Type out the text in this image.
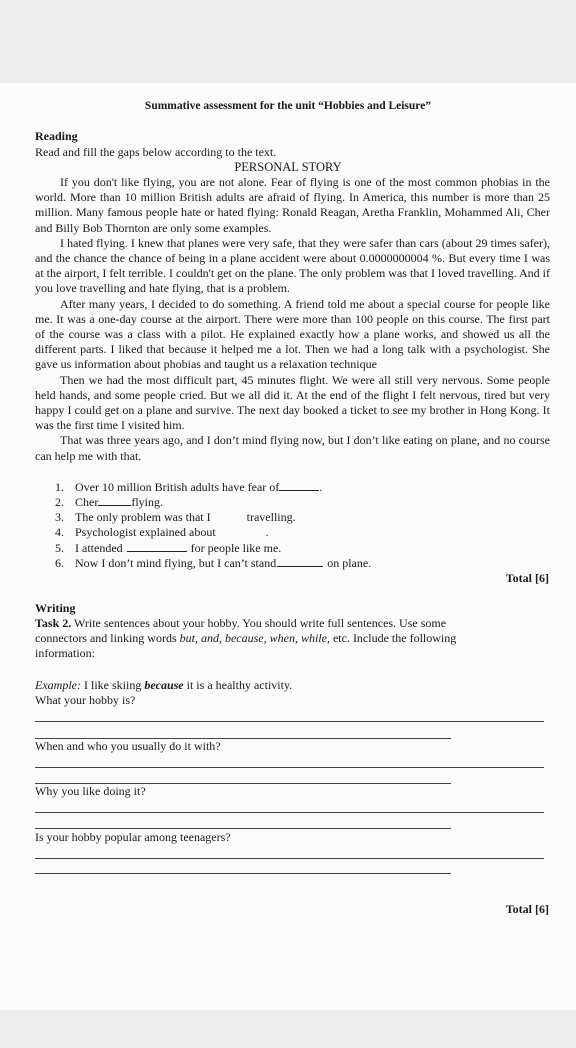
Summative assessment for the unit “Hobbies and Leisure”
Reading
Read and fill the gaps below according to the text.
PERSONAL STORY

If you don't like flying, you are not alone. Fear of flying is one of the most common phobias in the world. More than 10 million British adults are afraid of flying. In America, this number is more than 25 million. Many famous people hate or hated flying: Ronald Reagan, Aretha Franklin, Mohammed Ali, Cher and Billy Bob Thornton are only some examples.

I hated flying. I knew that planes were very safe, that they were safer than cars (about 29 times safer), and the chance the chance of being in a plane accident were about 0.0000000004 %. But every time I was at the airport, I felt terrible. I couldn't get on the plane. The only problem was that I loved travelling. And if you love travelling and hate flying, that is a problem.

After many years, I decided to do something. A friend told me about a special course for people like me. It was a one-day course at the airport. There were more than 100 people on this course. The first part of the course was a class with a pilot. He explained exactly how a plane works, and showed us all the different parts. I liked that because it helped me a lot. Then we had a long talk with a psychologist. She gave us information about phobias and taught us a relaxation technique

Then we had the most difficult part, 45 minutes flight. We were all still very nervous. Some people held hands, and some people cried. But we all did it. At the end of the flight I felt nervous, tired but very happy I could get on a plane and survive. The next day booked a ticket to see my brother in Hong Kong. It was the first time I visited him.

That was three years ago, and I don’t mind flying now, but I don’t like eating on plane, and no course can help me with that.

1. Over 10 million British adults have fear of	.
2. Cher	flying.
3. The only problem was that I	travelling.
4. Psychologist explained about	.
5. I attended	for people like me.
6. Now I don’t mind flying, but I can’t stand	on plane.
Total [6]
Writing
Task 2. Write sentences about your hobby. You should write full sentences. Use some
connectors and linking words but, and, because, when, while, etc. Include the following
information:
Example: I like skiing because it is a healthy activity.
What your hobby is?
When and who you usually do it with?
Why you like doing it?
Is your hobby popular among teenagers?
Total [6]
